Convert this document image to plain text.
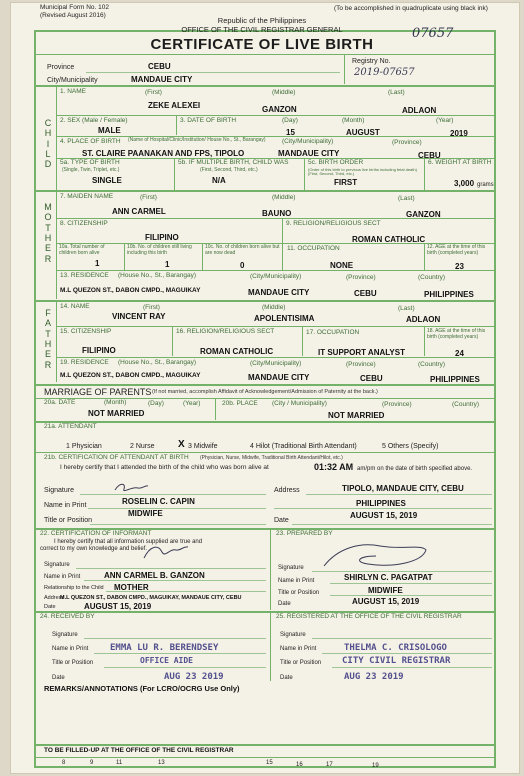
Municipal Form No. 102
(Revised August 2016)
(To be accomplished in quadruplicate using black ink)
Republic of the Philippines
OFFICE OF THE CIVIL REGISTRAR GENERAL
CERTIFICATE OF LIVE BIRTH
07657
Province	CEBU
City/Municipality	MANDAUE CITY
Registry No.
2019-07657
C
H
I
L
D
1. NAME	(First)	(Middle)	(Last)
ZEKE ALEXEI	GANZON	ADLAON
2. SEX (Male / Female)
MALE
3. DATE OF BIRTH	(Day)	(Month)	(Year)
15	AUGUST	2019
4. PLACE OF BIRTH (Name of Hospital/Clinic/Institution/ House No., St., Barangay)	(City/Municipality)	(Province)
ST. CLAIRE PAANAKAN AND FPS, TIPOLO	MANDAUE CITY	CEBU
5a. TYPE OF BIRTH
(Single, Twin, Triplet, etc.)
SINGLE
5b. IF MULTIPLE BIRTH, CHILD WAS
(First, Second, Third, etc.)
N/A
5c. BIRTH ORDER
(Order of this birth to previous live births including fetal death) (First, Second, Third, etc.)
FIRST
6. WEIGHT AT BIRTH
3,000 grams
M
O
T
H
E
R
7. MAIDEN NAME	(First)	(Middle)	(Last)
ANN CARMEL	BAUNO	GANZON
8. CITIZENSHIP
FILIPINO
9. RELIGION/RELIGIOUS SECT
ROMAN CATHOLIC
10a. Total number of children born alive
1
10b. No. of children still living including this birth
1
10c. No. of children born alive but are now dead
0
11. OCCUPATION
NONE
12. AGE at the time of this birth (completed years)
23
13. RESIDENCE (House No., St., Barangay)	(City/Municipality)	(Province)	(Country)
M.L QUEZON ST., DABON CMPD., MAGUIKAY	MANDAUE CITY	CEBU	PHILIPPINES
F
A
T
H
E
R
14. NAME	(First)	(Middle)	(Last)
VINCENT RAY	APOLENTISIMA	ADLAON
15. CITIZENSHIP
FILIPINO
16. RELIGION/RELIGIOUS SECT
ROMAN CATHOLIC
17. OCCUPATION
IT SUPPORT ANALYST
18. AGE at the time of this birth (completed years)
24
19. RESIDENCE (House No., St., Barangay)	(City/Municipality)	(Province)	(Country)
M.L QUEZON ST., DABON CMPD., MAGUIKAY	MANDAUE CITY	CEBU	PHILIPPINES
MARRIAGE OF PARENTS (If not married, accomplish Affidavit of Acknowledgement/Admission of Paternity at the back.)
20a. DATE	(Month)	(Day)	(Year)
NOT MARRIED
20b. PLACE (City / Municipality)	(Province)	(Country)
NOT MARRIED
21a. ATTENDANT
1 Physician	2 Nurse X 3 Midwife	4 Hilot (Traditional Birth Attendant)	5 Others (Specify)
21b. CERTIFICATION OF ATTENDANT AT BIRTH (Physician, Nurse, Midwife, Traditional Birth Attendant/Hilot, etc.)
I hereby certify that I attended the birth of the child who was born alive at	01:32 AM am/pm on the date of birth specified above.
Signature
Name in Print	ROSELIN C. CAPIN
Title or Position
MIDWIFE
Address	TIPOLO, MANDAUE CITY, CEBU
PHILIPPINES
Date
AUGUST 15, 2019
22. CERTIFICATION OF INFORMANT
I hereby certify that all information supplied are true and
correct to my own knowledge and belief.
Signature
Name in Print	ANN CARMEL B. GANZON
Relationship to the Child MOTHER
Address
M.L QUEZON ST., DABON CMPD., MAGUIKAY, MANDAUE CITY, CEBU
Date	AUGUST 15, 2019
23. PREPARED BY
Signature
Name in Print	SHIRLYN C. PAGATPAT
Title or Position	MIDWIFE
Date	AUGUST 15, 2019
24. RECEIVED BY
Signature
Name in Print EMMA LU R. BERENDSEY
Title or Position	OFFICE AIDE
Date	AUG 23 2019
25. REGISTERED AT THE OFFICE OF THE CIVIL REGISTRAR
Signature
Name in Print	THELMA C. CRISOLOGO
Title or Position CITY CIVIL REGISTRAR
Date	AUG 23 2019
REMARKS/ANNOTATIONS (For LCRO/OCRG Use Only)
TO BE FILLED-UP AT THE OFFICE OF THE CIVIL REGISTRAR
8	9	11	13	15	16	17	19
